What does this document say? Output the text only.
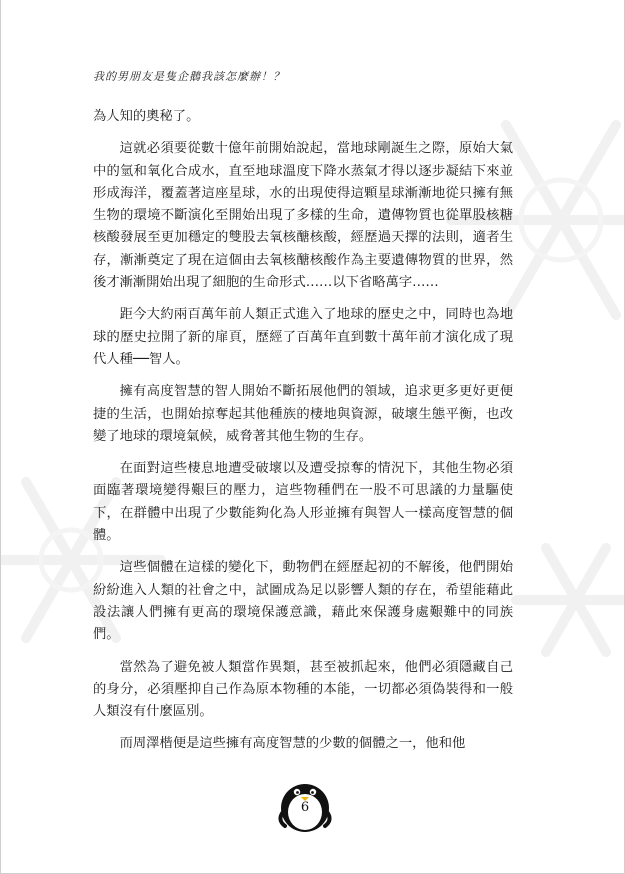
我的男朋友是隻企鵝我該怎麼辦！？

為人知的奧秘了。

這就必須要從數十億年前開始說起，當地球剛誕生之際，原始大氣中的氫和氧化合成水，直至地球溫度下降水蒸氣才得以逐步凝結下來並形成海洋，覆蓋著這座星球，水的出現使得這顆星球漸漸地從只擁有無生物的環境不斷演化至開始出現了多樣的生命，遺傳物質也從單股核糖核酸發展至更加穩定的雙股去氧核醣核酸，經歷過天擇的法則，適者生存，漸漸奠定了現在這個由去氧核醣核酸作為主要遺傳物質的世界，然後才漸漸開始出現了細胞的生命形式……以下省略萬字……

距今大約兩百萬年前人類正式進入了地球的歷史之中，同時也為地球的歷史拉開了新的扉頁，歷經了百萬年直到數十萬年前才演化成了現代人種──智人。

擁有高度智慧的智人開始不斷拓展他們的領域，追求更多更好更便捷的生活，也開始掠奪起其他種族的棲地與資源，破壞生態平衡，也改變了地球的環境氣候，威脅著其他生物的生存。

在面對這些棲息地遭受破壞以及遭受掠奪的情況下，其他生物必須面臨著環境變得艱巨的壓力，這些物種們在一股不可思議的力量驅使下，在群體中出現了少數能夠化為人形並擁有與智人一樣高度智慧的個體。

這些個體在這樣的變化下，動物們在經歷起初的不解後，他們開始紛紛進入人類的社會之中，試圖成為足以影響人類的存在，希望能藉此設法讓人們擁有更高的環境保護意識，藉此來保護身處艱難中的同族們。

當然為了避免被人類當作異類，甚至被抓起來，他們必須隱藏自己的身分，必須壓抑自己作為原本物種的本能，一切都必須偽裝得和一般人類沒有什麼區別。

而周澤楷便是這些擁有高度智慧的少數的個體之一，他和他

6
